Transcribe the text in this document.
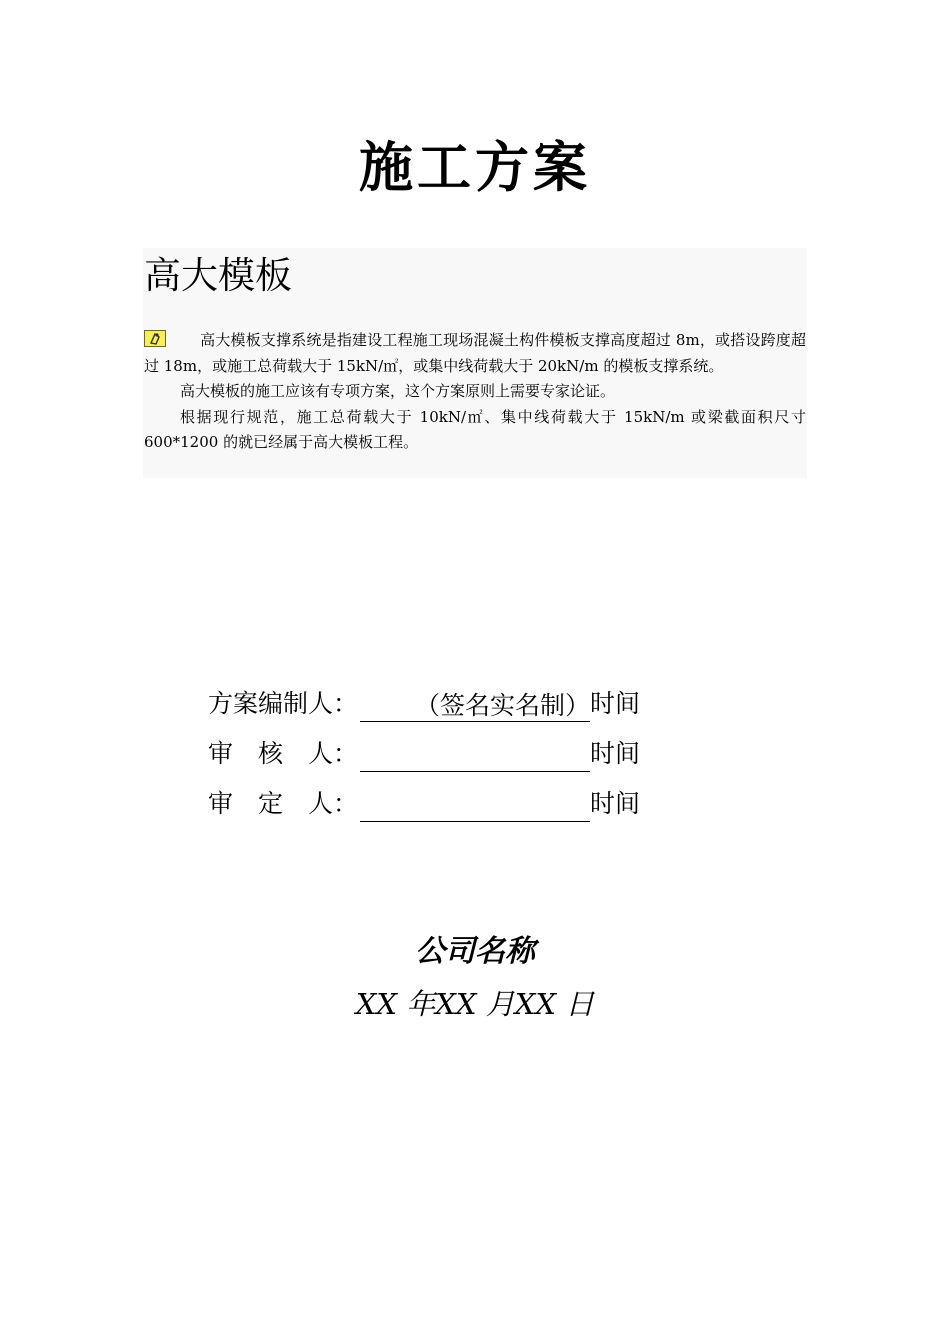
施工方案
高大模板

高大模板支撑系统是指建设工程施工现场混凝土构件模板支撑高度超过 8m，或搭设跨度超过 18m，或施工总荷载大于 15kN/㎡，或集中线荷载大于 20kN/m 的模板支撑系统。

高大模板的施工应该有专项方案，这个方案原则上需要专家论证。

根据现行规范，施工总荷载大于 10kN/㎡、集中线荷载大于 15kN/m 或梁截面积尺寸 600*1200 的就已经属于高大模板工程。

方案编制人： （签名实名制）时间
审　核　人：	时间
审　定　人：	时间
公司名称
XX 年XX 月XX 日
